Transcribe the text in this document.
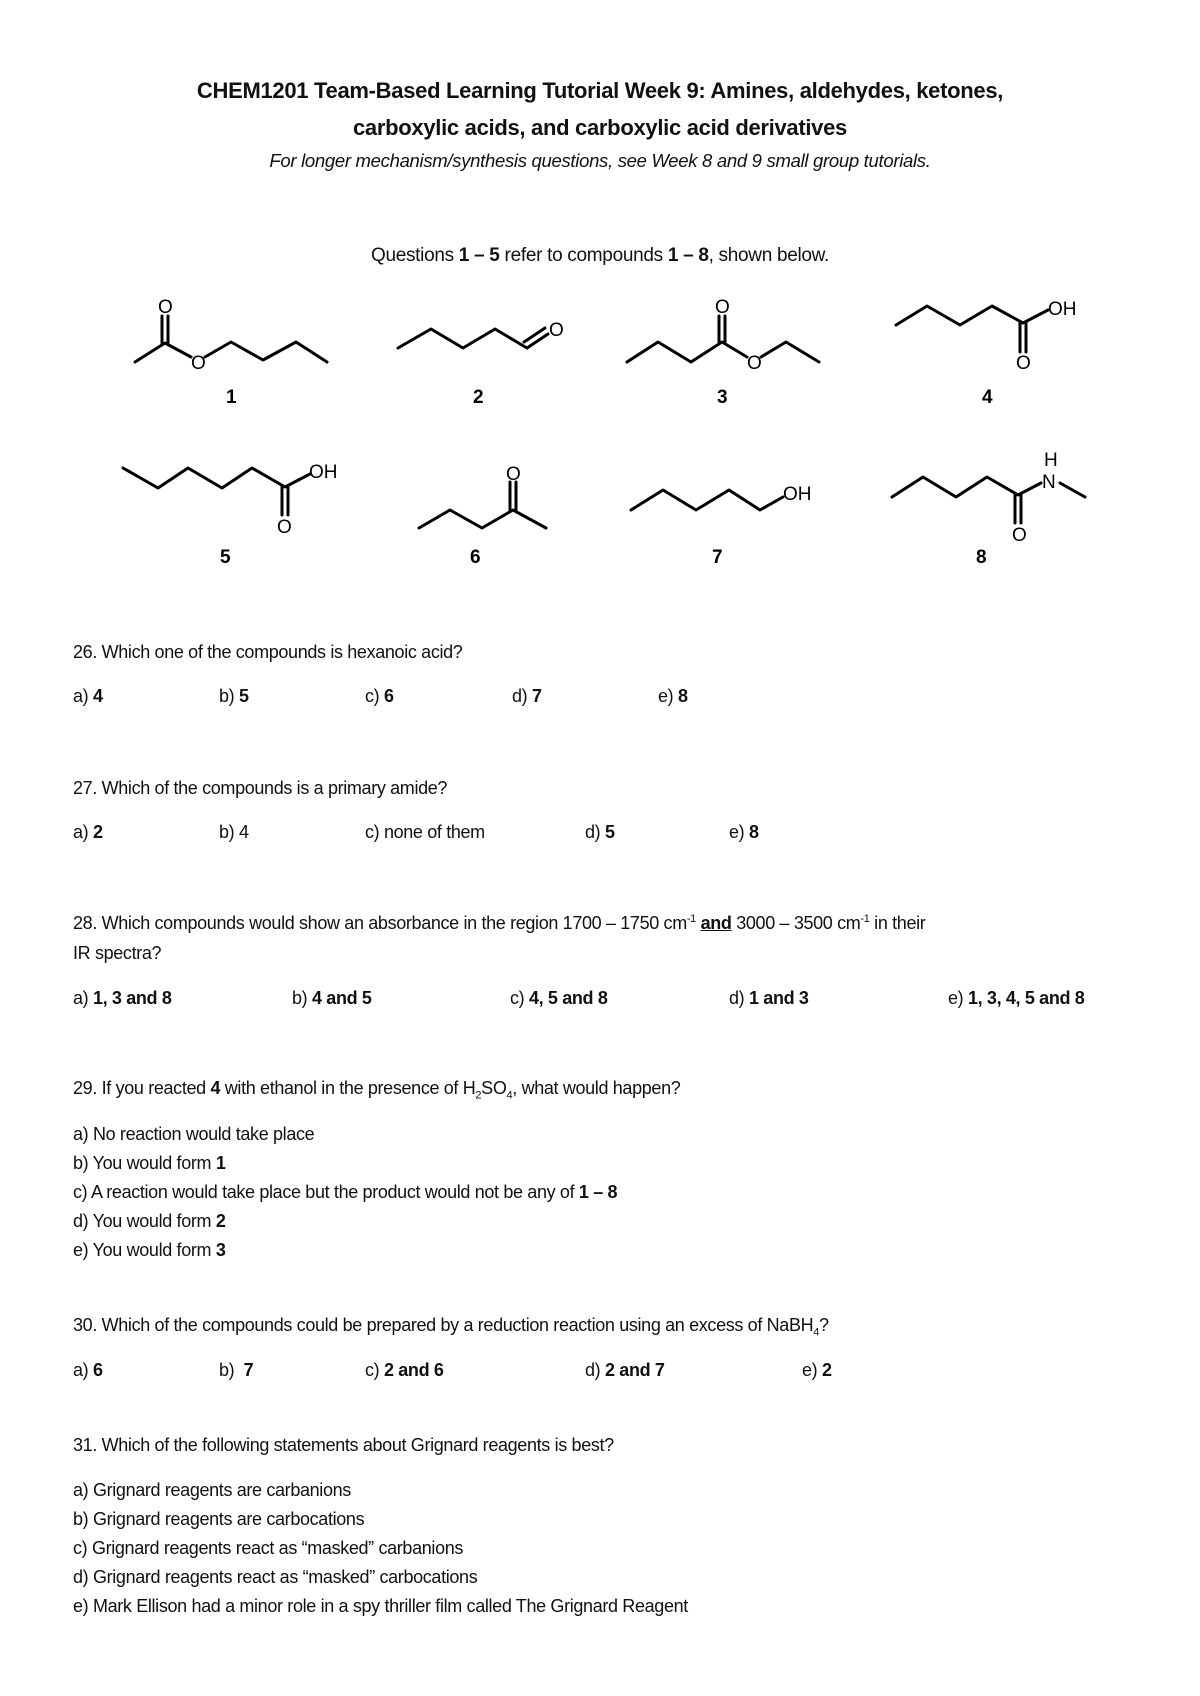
CHEM1201 Team-Based Learning Tutorial Week 9: Amines, aldehydes, ketones,
carboxylic acids, and carboxylic acid derivatives
For longer mechanism/synthesis questions, see Week 8 and 9 small group tutorials.
Questions 1 – 5 refer to compounds 1 – 8, shown below.
O
O
1
O
2
O
O
3
OH
O
4
OH
O
5
O
6
OH
7
N
H
O
8
26. Which one of the compounds is hexanoic acid?
a) 4	b) 5	c) 6	d) 7	e) 8
27. Which of the compounds is a primary amide?
a) 2	b) 4	c) none of them	d) 5	e) 8
28. Which compounds would show an absorbance in the region 1700 – 1750 $cm^{-1}$ and 3000 – 3500 $cm^{-1}$ in their
IR spectra?
a) 1, 3 and 8	b) 4 and 5	c) 4, 5 and 8	d) 1 and 3	e) 1, 3, 4, 5 and 8
29. If you reacted 4 with ethanol in the presence of $H_2SO_4$, what would happen?
a) No reaction would take place
b) You would form 1
c) A reaction would take place but the product would not be any of 1 – 8
d) You would form 2
e) You would form 3
30. Which of the compounds could be prepared by a reduction reaction using an excess of NaBH$_4$?
a) 6	b)  7	c) 2 and 6	d) 2 and 7	e) 2
31. Which of the following statements about Grignard reagents is best?
a) Grignard reagents are carbanions
b) Grignard reagents are carbocations
c) Grignard reagents react as “masked” carbanions
d) Grignard reagents react as “masked” carbocations
e) Mark Ellison had a minor role in a spy thriller film called The Grignard Reagent
